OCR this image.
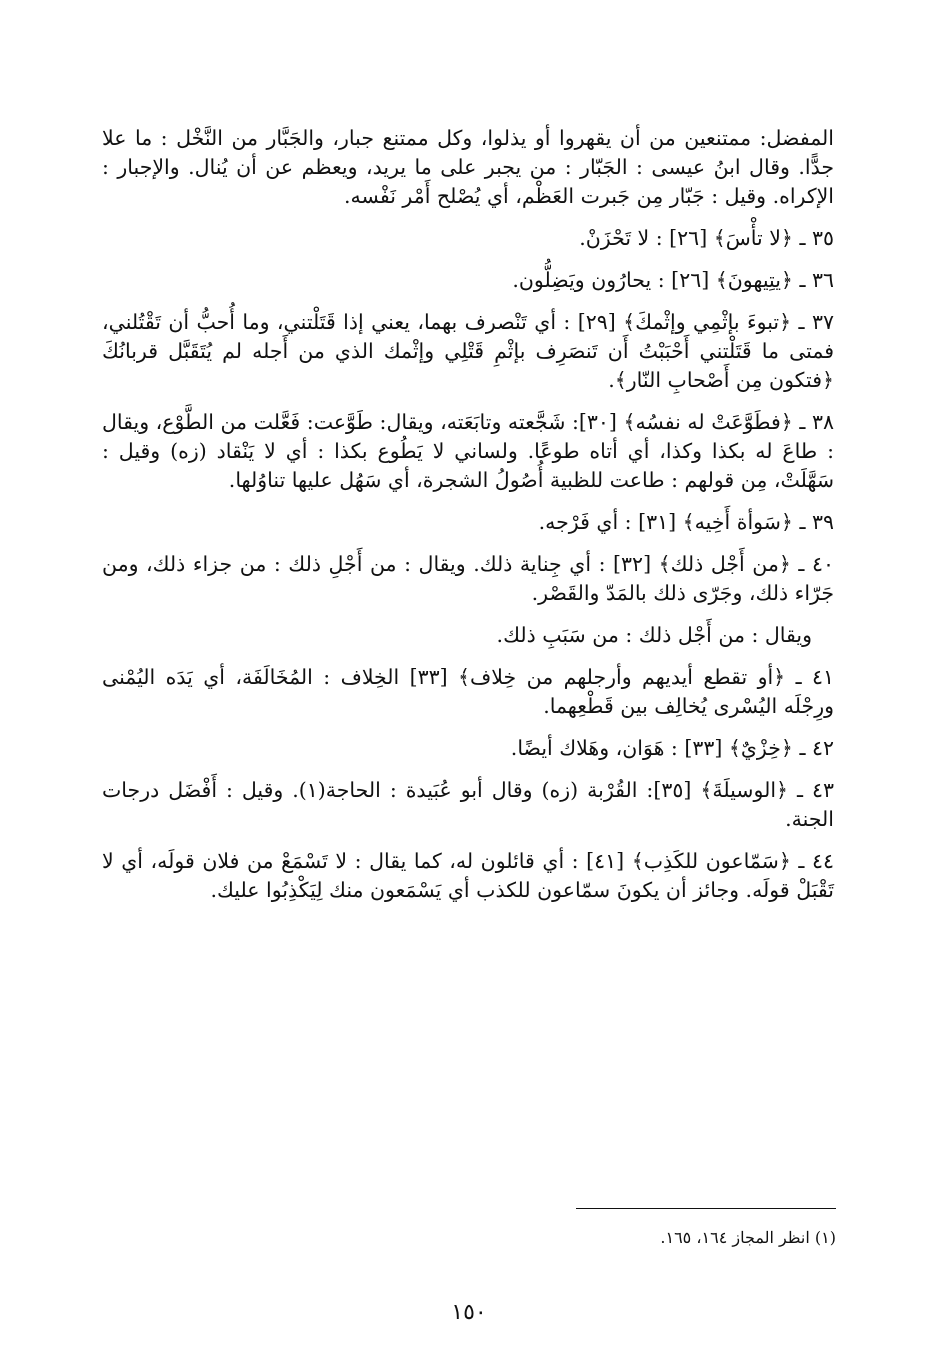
المفضل: ممتنعين من أن يقهروا أو يذلوا، وكل ممتنع جبار، والجَبَّار من النَّخْل : ما علا جدًّا. وقال ابنُ عيسى : الجَبّار : من يجبر على ما يريد، ويعظم عن أن يُنال. والإجبار : الإكراه. وقيل : جَبّار مِن جَبرت العَظْم، أي يُصْلح أَمْر نَفْسه.

٣٥ ـ ﴿لا تأْسَ﴾ [٢٦] : لا تَحْزَنْ.

٣٦ ـ ﴿يتِيهونَ﴾ [٢٦] : يحارُون ويَضِلُّون.

٣٧ ـ ﴿تبوءَ بإثْمِي وإثْمكَ﴾ [٢٩] : أي تَنْصرف بهما، يعني إذا قَتَلْتني، وما أُحبُّ أن تَقْتُلني، فمتى ما قَتَلْتني أَحْبَبْتُ أَن تَنصَرِف بإثْمِ قَتْلِي وإثْمك الذي من أَجله لم يُتَقَبَّل قربانُكَ ﴿فتكون مِن أَصْحابِ النّار﴾.

٣٨ ـ ﴿فطَوَّعَتْ له نفسُه﴾ [٣٠]: شَجَّعته وتابَعَته، ويقال: طَوَّعت: فَعَّلت من الطَّوْع، ويقال : طاعَ له بكذا وكذا، أي أتاه طوعًا. ولساني لا يَطُوع بكذا : أي لا يَنْقاد (زه) وقيل : سَهَّلَتْ، مِن قولهم : طاعت للظبية أُصُولُ الشجرة، أي سَهُل عليها تناوُلها.

٣٩ ـ ﴿سَوأة أَخِيه﴾ [٣١] : أي فَرْجه.

٤٠ ـ ﴿من أَجْل ذلك﴾ [٣٢] : أي جِناية ذلك. ويقال : من أَجْلِ ذلك : من جزاء ذلك، ومن جَرّاء ذلك، وجَرّى ذلك بالمَدّ والقَصْر.

ويقال : من أَجْل ذلك : من سَبَبِ ذلك.

٤١ ـ ﴿أو تقطع أيديهم وأرجلهم من خِلاف﴾ [٣٣] الخِلاف : المُخَالَفَة، أي يَدَه اليُمْنى ورِجْلَه اليُسْرى يُخالِف بين قَطْعِهما.

٤٢ ـ ﴿خِزْيٌ﴾ [٣٣] : هَوَان، وهَلاك أيضًا.

٤٣ ـ ﴿الوسيلَةَ﴾ [٣٥]: القُرْبة (زه) وقال أبو عُبَيدة : الحاجة(١). وقيل : أَفْضَل درجات الجنة.

٤٤ ـ ﴿سَمّاعون للكَذِب﴾ [٤١] : أي قائلون له، كما يقال : لا تَسْمَعْ من فلان قولَه، أي لا تَقْبَلْ قولَه. وجائز أن يكونَ سمّاعون للكذب أي يَسْمَعون منك لِيَكْذِبُوا عليك.

(١) انظر المجاز ١٦٤، ١٦٥.
١٥٠
